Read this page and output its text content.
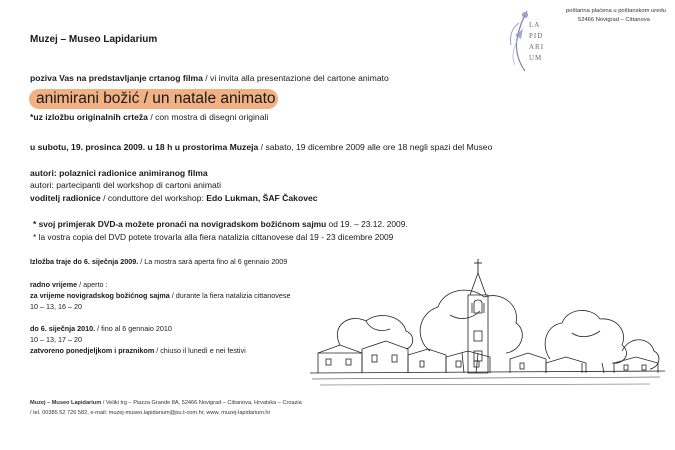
Muzej – Museo Lapidarium
LA
PID
ARI
UM
poštarina plaćena u poštanskom uredu
52466 Novigrad – Cittanova
poziva Vas na predstavljanje crtanog filma / vi invita alla presentazione del cartone animato
animirani božić / un natale animato
*uz izložbu originalnih crteža / con mostra di disegni originali
u subotu, 19. prosinca 2009. u 18 h u prostorima Muzeja / sabato, 19 dicembre 2009 alle ore 18 negli spazi del Museo
autori: polaznici radionice animiranog filma
autori: partecipanti del workshop di cartoni animati
voditelj radionice / conduttore del workshop: Edo Lukman, ŠAF Čakovec
* svoj primjerak DVD-a možete pronaći na novigradskom božićnom sajmu od 19. – 23.12. 2009.
* la vostra copia del DVD potete trovarla alla fiera natalizia cittanovese dal 19 - 23 dicembre 2009
Izložba traje do 6. siječnja 2009. / La mostra sarà aperta fino al 6 gennaio 2009
radno vrijeme / aperto :
za vrijeme novigradskog božićnog sajma / durante la fiera natalizia cittanovese
10 – 13, 16 – 20
do 6. siječnja 2010. / fino al 6 gennaio 2010
10 – 13, 17 – 20
zatvoreno ponedjeljkom i praznikom / chiuso il lunedì e nei festivi
Muzej – Museo Lapidarium / Veliki trg – Piazza Grande 8A, 52466 Novigrad – Cittanova, Hrvatska – Croazia
/ tel. 00385 52 726 582, e-mail: muzej-museo.lapidarium@pu.t-com.hr, www. muzej-lapidarium.hr
